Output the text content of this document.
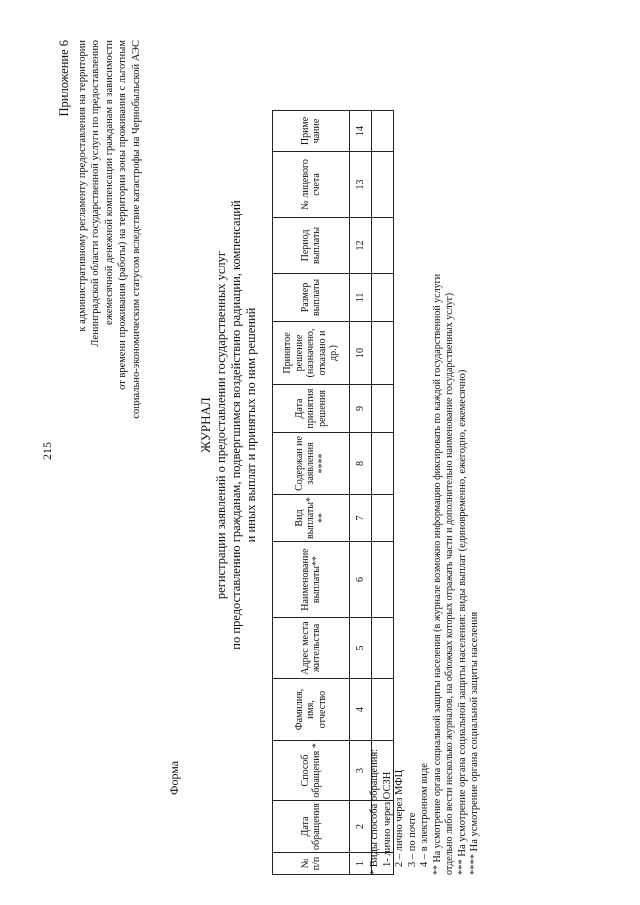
215
Приложение 6 к административному регламенту предоставления на территории Ленинградской области государственной услуги по предоставлению ежемесячной денежной компенсации гражданам в зависимости от времени проживания (работы) на территории зоны проживания с льготным социально-экономическим статусом вследствие катастрофы на Чернобыльской АЭС
Форма
ЖУРНАЛ регистрации заявлений о предоставлении государственных услуг по предоставлению гражданам, подвергшимся воздействию радиации, компенсаций и иных выплат и принятых по ним решений
№ п/п	Дата обращения	Способ обращения *	Фамилия, имя, отчество	Адрес места жительства	Наименование выплаты**	Вид выплаты* **	Содержан ие заявления ****	Дата принятия решения	Принятое решение (назначено, отказано и др.)	Размер выплаты	Период выплаты	№ лицевого счета	Приме чание
1	2	3	4	5	6	7	8	9	10	11	12	13	14

* Виды способа обращения: 1- лично через ОСЗН 2 – лично через МФЦ 3 – по почте 4 – в электронном виде ** На усмотрение органа социальной защиты населения (в журнале возможно информацию фиксировать по каждой государственной услуги отдельно либо вести несколько журналов, на обложках которых отражать части и дополнительно наименование государственных услуг) *** На усмотрение органа социальной защиты населения: виды выплат (единовременно, ежегодно, ежемесячно) **** На усмотрение органа социальной защиты населения
